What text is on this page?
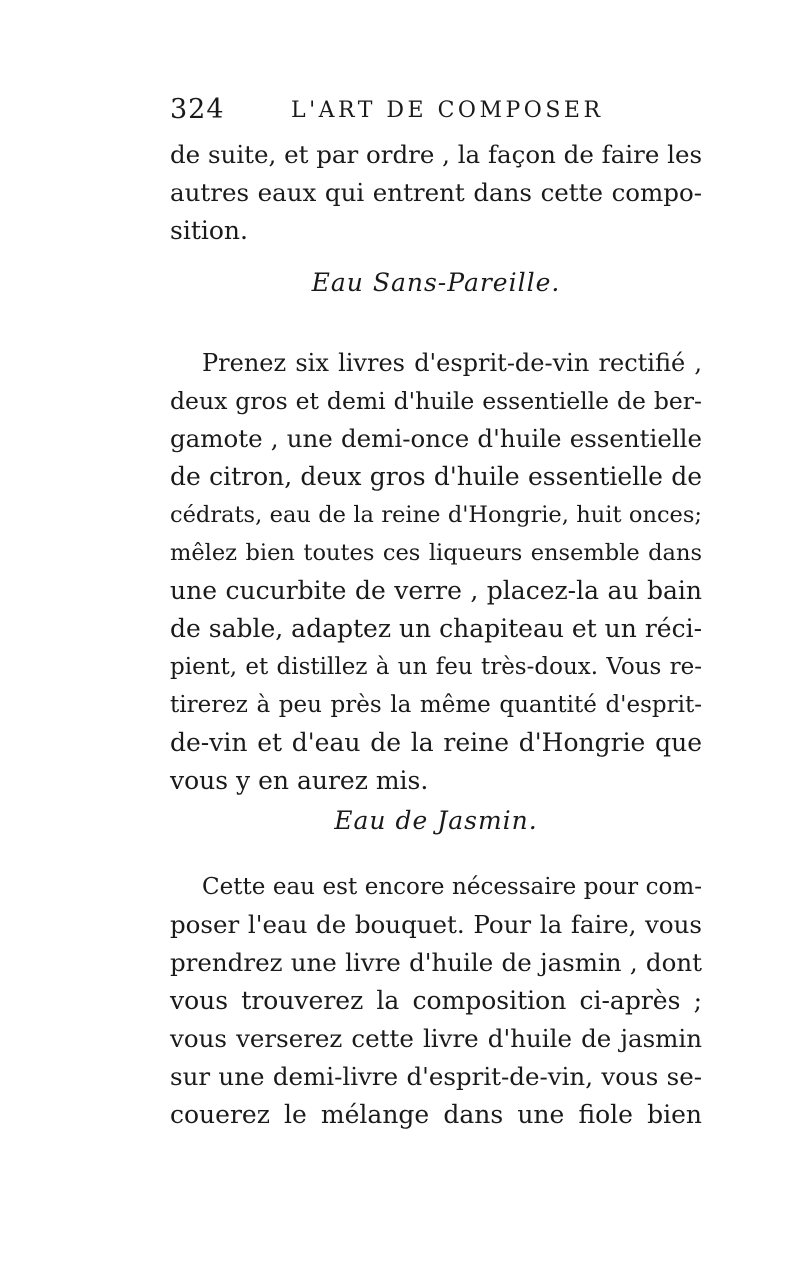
324	L'ART DE COMPOSER
de suite, et par ordre , la façon de faire les
autres eaux qui entrent dans cette compo-
sition.
Eau Sans-Pareille.
Prenez six livres d'esprit-de-vin rectifié ,
deux gros et demi d'huile essentielle de ber-
gamote , une demi-once d'huile essentielle
de citron, deux gros d'huile essentielle de
cédrats, eau de la reine d'Hongrie, huit onces;
mêlez bien toutes ces liqueurs ensemble dans
une cucurbite de verre , placez-la au bain
de sable, adaptez un chapiteau et un réci-
pient, et distillez à un feu très-doux. Vous re-
tirerez à peu près la même quantité d'esprit-
de-vin et d'eau de la reine d'Hongrie que
vous y en aurez mis.
Eau de Jasmin.
Cette eau est encore nécessaire pour com-
poser l'eau de bouquet. Pour la faire, vous
prendrez une livre d'huile de jasmin , dont
vous trouverez la composition ci-après ;
vous verserez cette livre d'huile de jasmin
sur une demi-livre d'esprit-de-vin, vous se-
couerez le mélange dans une fiole bien
